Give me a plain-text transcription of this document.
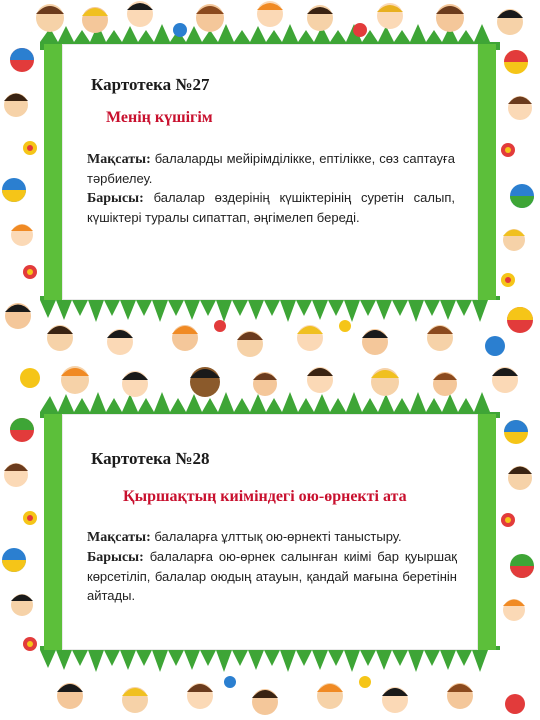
Картотека №27

Менің күшігім

Мақсаты: балаларды мейірімділікке, ептілікке, сөз саптауға тәрбиелеу.

Барысы: балалар өздерінің күшіктерінің суретін салып, күшіктері туралы сипаттап, әңгімелеп береді.

Картотека №28

Қыршақтың киіміндегі ою-өрнекті ата

Мақсаты: балаларға ұлттық ою-өрнекті таныстыру.

Барысы: балаларға ою-өрнек салынған киімі бар қуыршақ көрсетіліп, балалар оюдың атауын, қандай мағына беретінін айтады.
